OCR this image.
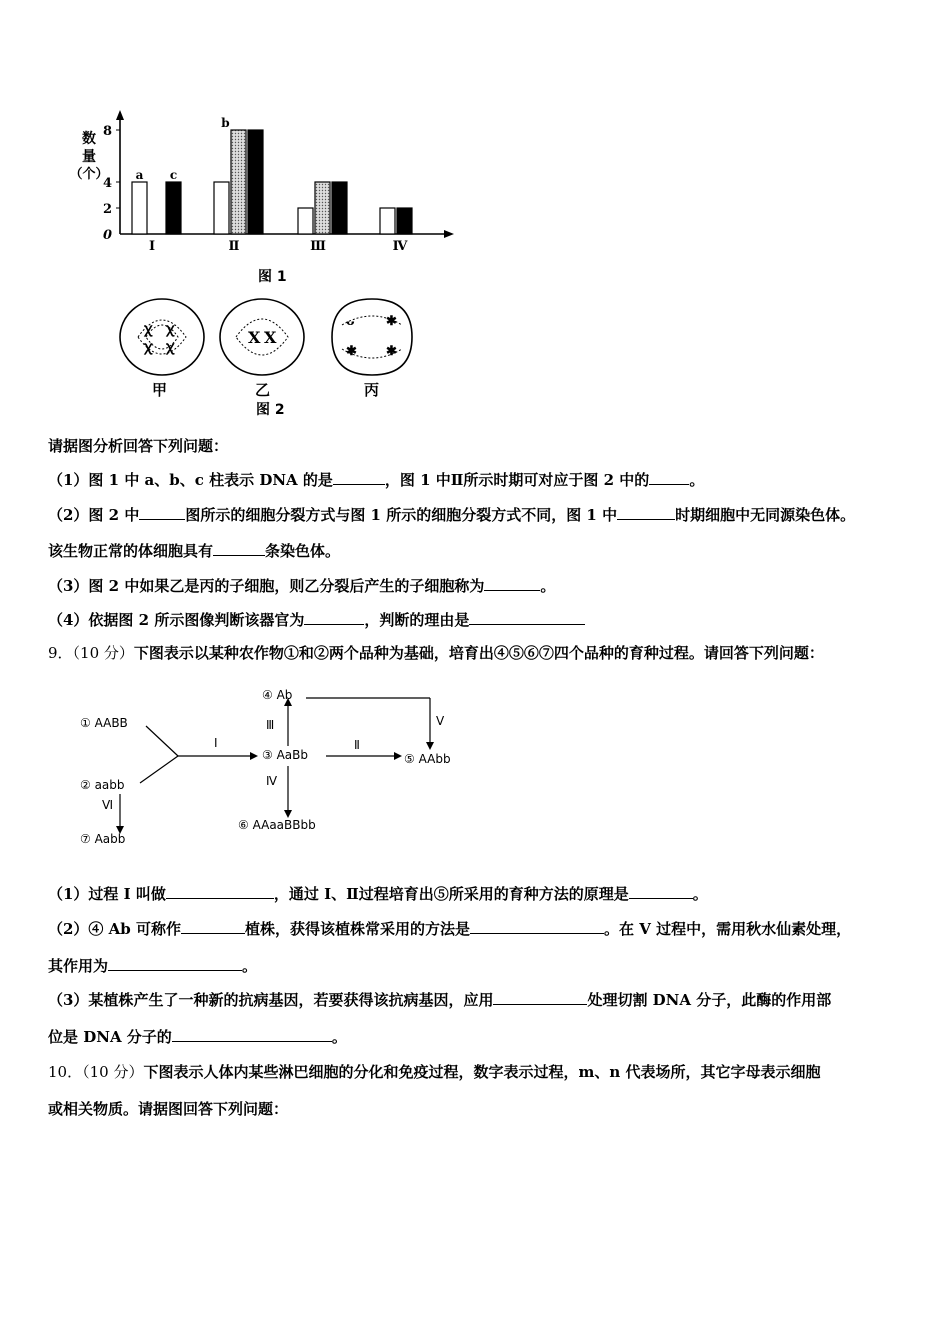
Ⅰ	Ⅱ	Ⅲ	Ⅳ
a c
b
8
4
2
0
数
量
（个）
图 1
ꭓ ꭓ
ꭓ ꭓ	X X
ᴗ ✱
✱ ✱
甲	乙	丙
图 2
请据图分析回答下列问题：
（1）图 1 中 a、b、c 柱表示 DNA 的是	，图 1 中Ⅱ所示时期可对应于图 2 中的	。
（2）图 2 中	图所示的细胞分裂方式与图 1 所示的细胞分裂方式不同，图 1 中	时期细胞中无同源染色体。
该生物正常的体细胞具有	条染色体。
（3）图 2 中如果乙是丙的子细胞，则乙分裂后产生的子细胞称为	。
（4）依据图 2 所示图像判断该器官为	，判断的理由是
9．（10 分）下图表示以某种农作物①和②两个品种为基础，培育出④⑤⑥⑦四个品种的育种过程。请回答下列问题：
① AABB
② aabb
③ AaBb
④ Ab
⑤ AAbb
⑥ AAaaBBbb
⑦ Aabb
Ⅰ	Ⅱ
Ⅲ
Ⅳ
Ⅴ
Ⅵ
（1）过程 I 叫做	，通过 I、Ⅱ过程培育出⑤所采用的育种方法的原理是	。
（2）④ Ab 可称作	植株，获得该植株常采用的方法是	。在 V 过程中，需用秋水仙素处理，
其作用为	。
（3）某植株产生了一种新的抗病基因，若要获得该抗病基因，应用	处理切割 DNA 分子，此酶的作用部
位是 DNA 分子的	。
10．（10 分）下图表示人体内某些淋巴细胞的分化和免疫过程，数字表示过程，m、n 代表场所，其它字母表示细胞
或相关物质。请据图回答下列问题：
